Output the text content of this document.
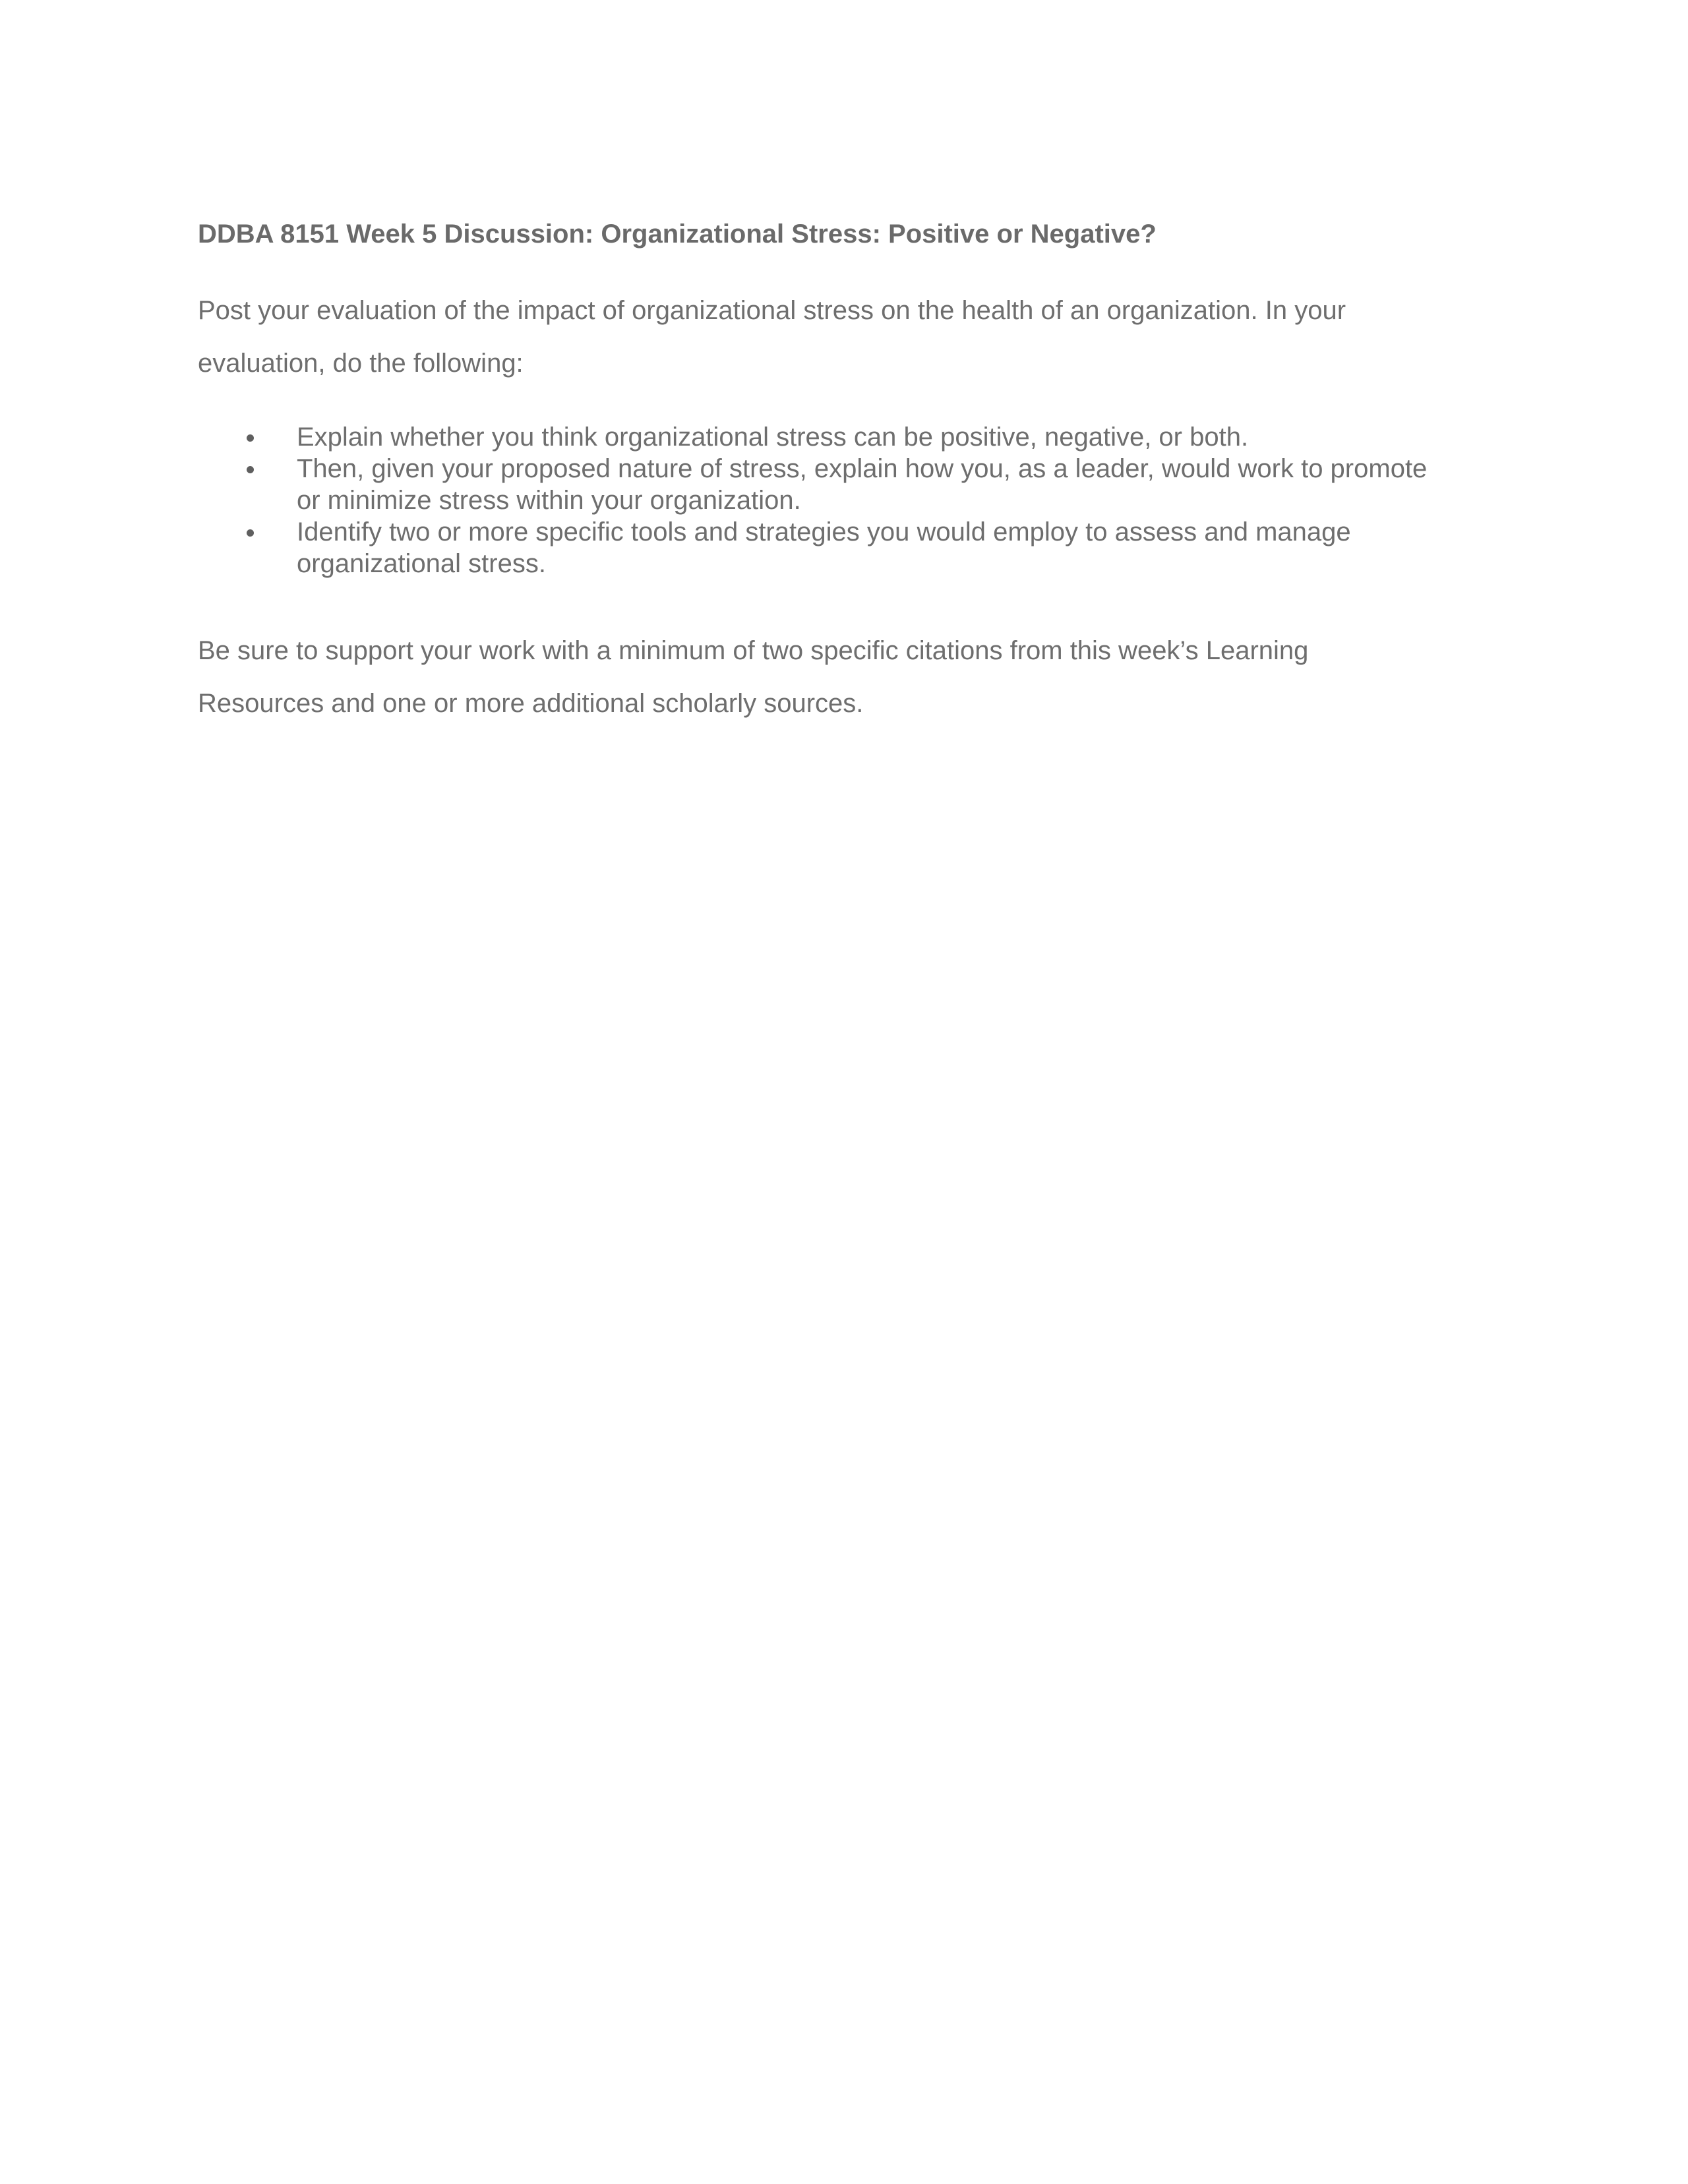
DDBA 8151 Week 5 Discussion: Organizational Stress: Positive or Negative?

Post your evaluation of the impact of organizational stress on the health of an organization. In your
evaluation, do the following:

Explain whether you think organizational stress can be positive, negative, or both.
Then, given your proposed nature of stress, explain how you, as a leader, would work to promote
or minimize stress within your organization.
Identify two or more specific tools and strategies you would employ to assess and manage
organizational stress.

Be sure to support your work with a minimum of two specific citations from this week’s Learning
Resources and one or more additional scholarly sources.
